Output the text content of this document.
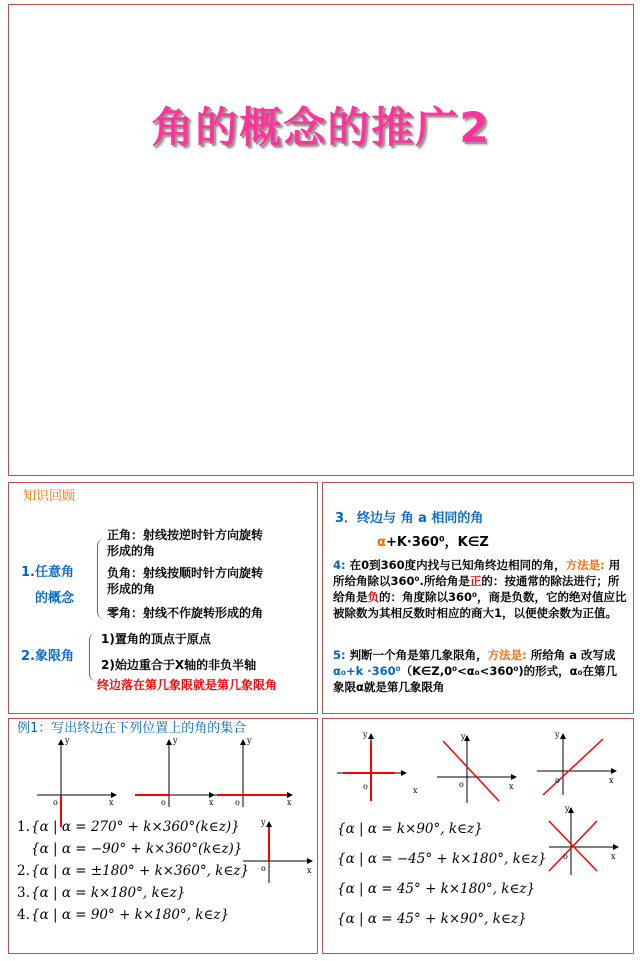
角的概念的推广2
知识回顾
1.任意角
的概念
正角：射线按逆时针方向旋转
形成的角
负角：射线按顺时针方向旋转
形成的角
零角：射线不作旋转形成的角
2.象限角
1)置角的顶点于原点
2)始边重合于X轴的非负半轴
终边落在第几象限就是第几象限角
3．终边与 角 a 相同的角
α+K·360⁰，K∈Z
4: 在0到360度内找与已知角终边相同的角，方法是: 用所给角除以360⁰.所给角是正的：按通常的除法进行；所给角是负的：角度除以360⁰，商是负数，它的绝对值应比被除数为其相反数时相应的商大1，以便使余数为正值。
5: 判断一个角是第几象限角，方法是: 所给角 a 改写成α₀+k ·360⁰（K∈Z,0⁰<α₀<360⁰)的形式，α₀在第几象限α就是第几象限角
例1：写出终边在下列位置上的角的集合
y
x
o
y
x
o
y
x
o
y
x
o
1. {α | α = 270° + k×360°(k∈z)}
{α | α = −90° + k×360°(k∈z)}
2. {α | α = ±180° + k×360°, k∈z}
3. {α | α = k×180°, k∈z}
4. {α | α = 90° + k×180°, k∈z}
y
x
o
y
x
o
y
x
o
y
x
o
{α | α = k×90°, k∈z}
{α | α = −45° + k×180°, k∈z}
{α | α = 45° + k×180°, k∈z}
{α | α = 45° + k×90°, k∈z}
